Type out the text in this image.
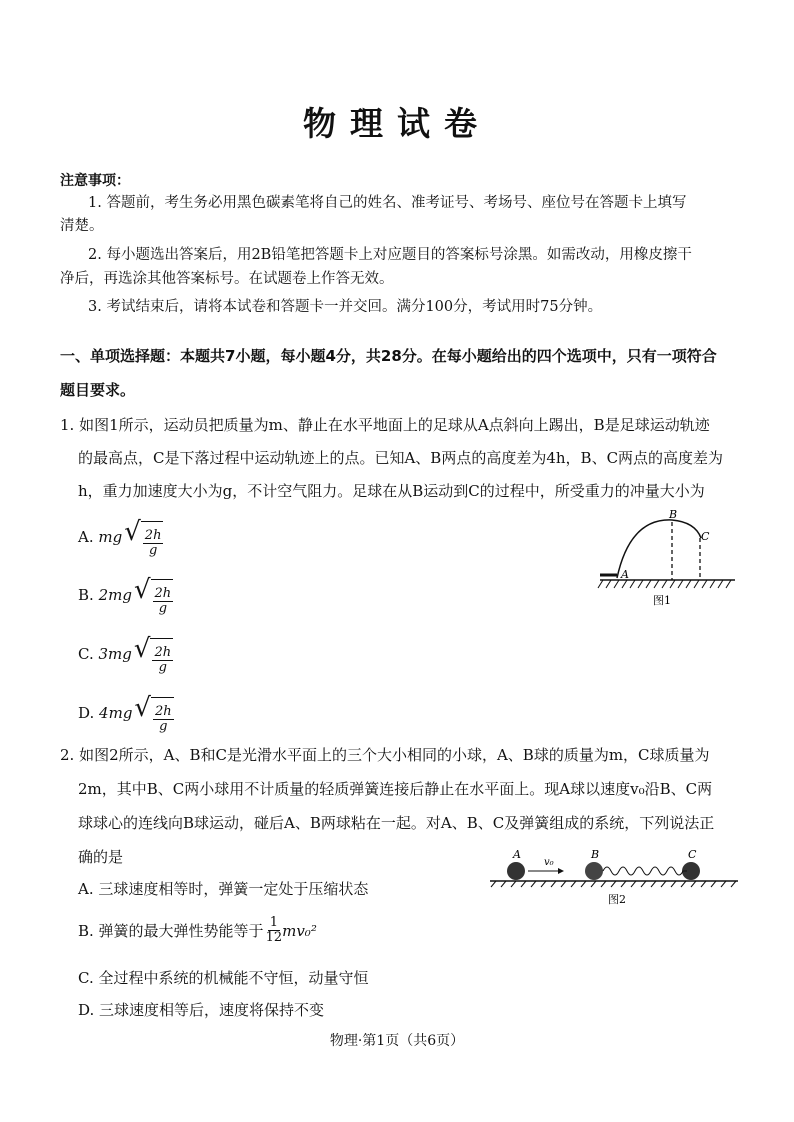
物理试卷
注意事项：
1. 答题前，考生务必用黑色碳素笔将自己的姓名、准考证号、考场号、座位号在答题卡上填写
清楚。
2. 每小题选出答案后，用2B铅笔把答题卡上对应题目的答案标号涂黑。如需改动，用橡皮擦干
净后，再选涂其他答案标号。在试题卷上作答无效。
3. 考试结束后，请将本试卷和答题卡一并交回。满分100分，考试用时75分钟。
一、单项选择题：本题共7小题，每小题4分，共28分。在每小题给出的四个选项中，只有一项符合
题目要求。
1. 如图1所示，运动员把质量为m、静止在水平地面上的足球从A点斜向上踢出，B是足球运动轨迹
的最高点，C是下落过程中运动轨迹上的点。已知A、B两点的高度差为4h，B、C两点的高度差为
h，重力加速度大小为g，不计空气阻力。足球在从B运动到C的过程中，所受重力的冲量大小为
A.
mg √ $\frac{2h}{g}$
B.
2mg √ $\frac{2h}{g}$
C.
3mg √ $\frac{2h}{g}$
D.
4mg √ $\frac{2h}{g}$
A
B
C
图1
2. 如图2所示，A、B和C是光滑水平面上的三个大小相同的小球，A、B球的质量为m，C球质量为
2m，其中B、C两小球用不计质量的轻质弹簧连接后静止在水平面上。现A球以速度v₀沿B、C两
球球心的连线向B球运动，碰后A、B两球粘在一起。对A、B、C及弹簧组成的系统，下列说法正
确的是
A. 三球速度相等时，弹簧一定处于压缩状态
B. 弹簧的最大弹性势能等于 $\frac{1}{12} mv_0^2$
C. 全过程中系统的机械能不守恒，动量守恒
D. 三球速度相等后，速度将保持不变
A
v₀
B	C
图2
物理·第1页（共6页）
